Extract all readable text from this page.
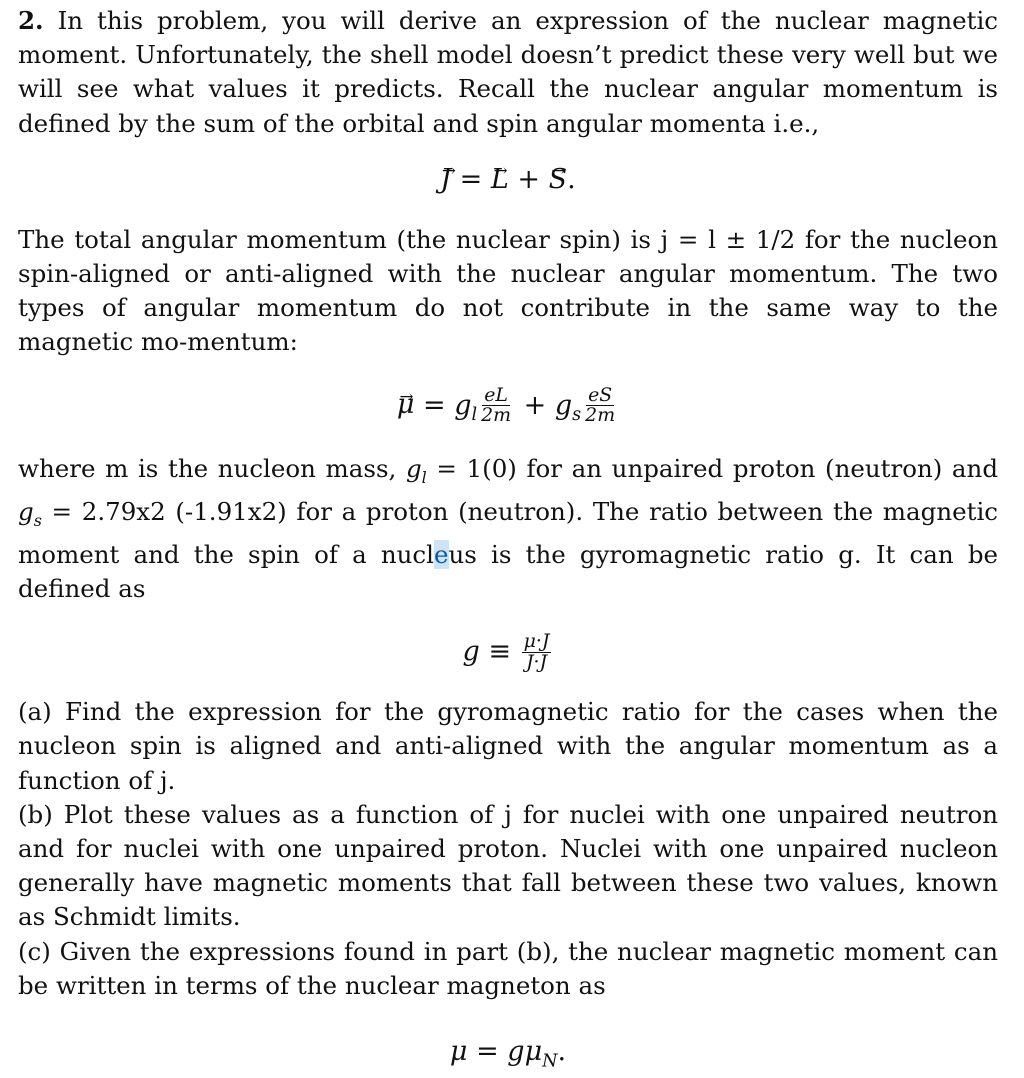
2. In this problem, you will derive an expression of the nuclear magnetic moment. Unfortunately, the shell model doesn’t predict these very well but we will see what values it predicts. Recall the nuclear angular momentum is defined by the sum of the orbital and spin angular momenta i.e.,

→ J = → L + → S.

The total angular momentum (the nuclear spin) is j = l ± 1/2 for the nucleon spin-aligned or anti-aligned with the nuclear angular momentum. The two types of angular momentum do not contribute in the same way to the magnetic mo-mentum:

→ $\mu = g_l \frac{eL}{2m} + g_s \frac{eS}{2m}$

where m is the nucleon mass, $g_l = 1(0)$ for an unpaired proton (neutron) and $g_s = 2.79x2$ (-1.91x2) for a proton (neutron). The ratio between the magnetic moment and the spin of a nucleus is the gyromagnetic ratio g. It can be defined as

$g \equiv \frac{\mu\cdot J}{J\cdot J}$

(a) Find the expression for the gyromagnetic ratio for the cases when the nucleon spin is aligned and anti-aligned with the angular momentum as a function of j.

(b) Plot these values as a function of j for nuclei with one unpaired neutron and for nuclei with one unpaired proton. Nuclei with one unpaired nucleon generally have magnetic moments that fall between these two values, known as Schmidt limits.

(c) Given the expressions found in part (b), the nuclear magnetic moment can be written in terms of the nuclear magneton as

$\mu = g\mu_N$.
